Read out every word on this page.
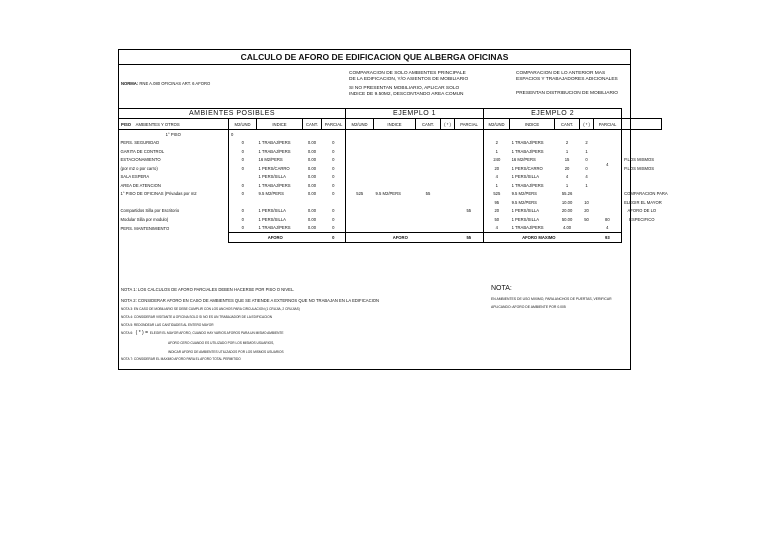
CALCULO DE AFORO DE EDIFICACION QUE ALBERGA OFICINAS
NORMA: RNE A.080 OFICINAS ART. 6 AFORO
COMPARACION DE SOLO AMBIENTES PRINCIPALE
DE LA EDIFICACION, Y/O ASIENTOS DE MOBILIARIO
SI NO PRESENTAN MOBILIARIO, APLICAR SOLO
INDICE DE 9.50M2, DESCONTANDO AREA COMUN
COMPARACION DE LO ANTERIOR MAS
ESPACIOS Y TRABAJADORES ADICIONALES
PRESENTAN DISTRIBUCION DE MOBILIARIO
AMBIENTES POSIBLES					EJEMPLO 1					EJEMPLO 2					
PISO AMBIENTES Y OTROS	M2/UND	INDICE	CANT.	PARCIAL	M2/UND	INDICE	CANT.	( * )	PARCIAL	M2/UND	INDICE	CANT.	( * )	PARCIAL	
1° PISO	0														
PERS. SEGURIDAD	0	1 TRABAJ/PERS	0.00	0						2	1 TRABAJ/PERS	2	2		
GARITA DE CONTROL	0	1 TRABAJ/PERS	0.00	0						1	1 TRABAJ/PERS	1	1		
ESTACIONAMIENTO	0	16 M2/PERS	0.00	0						240	16 M2/PERS	15	0	4	P.LOS MISMOS
(por m2 o por carro)	0	1 PERS/CARRO	0.00	0						20	1 PERS/CARRO	20	0		P.LOS MISMOS
SALA ESPERA		1 PERS/SILLA	0.00	0						4	1 PERS/SILLA	4	4		
AREA DE ATENCION	0	1 TRABAJ/PERS	0.00	0						1	1 TRABAJ/PERS	1	1		
1° PISO DE OFICINAS (Privadas por m2	0	9.5 M2/PERS	0.00	0	525	9.5 M2/PERS	55			525	9.5 M2/PERS	55.26			COMPARACION PARA
										95	9.5 M2/PERS	10.00	10		ELEGIR EL MAYOR
Compartidos Silla por Escritorio	0	1 PERS/SILLA	0.00	0					55	20	1 PERS/SILLA	20.00	20		AFORO DE LO
Modular Silla por modulo)	0	1 PERS/SILLA	0.00	0						50	1 PERS/SILLA	50.00	50	80	ESPECIFICO
PERS. MANTENIMIENTO	0	1 TRABAJ/PERS	0.00	0						4	1 TRABAJ/PERS	4.00		4	
	AFORO			0	AFORO				55	AFORO MAXIMO				93	
NOTA 1: LOS CALCULOS DE AFORO PARCIALES DEBEN HACERSE POR PISO O NIVEL.
NOTA 2: CONSIDERAR AFORO EN CASO DE AMBIENTES QUE SE ATIENDE A EXTERNOS QUE NO TRABAJAN EN LA EDIFICACION
NOTA 3: EN CASO DE MOBILIARIO SE DEBE CUMPLIR CON LOS ANCHOS PARA CIRCULACION (1 CRUJIA, 2 CRUJIAS)
NOTA 4: CONSIDERAR VISITANTE A OFICINA SOLO SI NO ES UN TRABAJADOR DE LA EDIFICACION
NOTA 5: REDONDEAR LAS CANTIDADES AL ENTERO MAYOR
NOTA 6: ( * ) = ELEGIR EL MAYOR AFORO, CUANDO HAY VARIOS AFOROS PARA UN MISMO AMBIENTE
AFORO CERO CUANDO ES UTILIZADO POR LOS MISMOS USUARIOS,
INDICAR AFORO DE AMBIENTES UTILIZADOS POR LOS MISMOS USUARIOS
NOTA 7: CONSIDERAR EL MAXIMO AFORO PARA EL AFORO TOTAL PERMITIDO
NOTA:
EN AMBIENTES DE USO MIXIMO, PARA ANCHOS DE PUERTAS, VERIFICAR
APLICANDO: AFORO DE AMBIENTE POR 0.005
